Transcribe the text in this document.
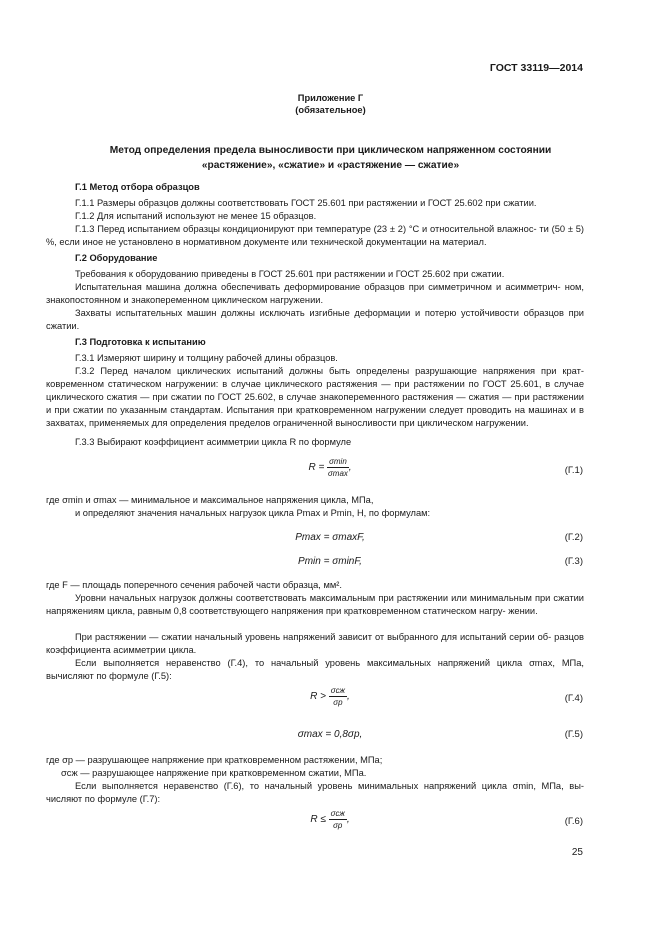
ГОСТ 33119—2014
Приложение Г
(обязательное)
Метод определения предела выносливости при циклическом напряженном состоянии
«растяжение», «сжатие» и «растяжение — сжатие»
Г.1 Метод отбора образцов
Г.1.1 Размеры образцов должны соответствовать ГОСТ 25.601 при растяжении и ГОСТ 25.602 при сжатии.
Г.1.2 Для испытаний используют не менее 15 образцов.
Г.1.3 Перед испытанием образцы кондиционируют при температуре (23 ± 2) °С и относительной влажнос- ти (50 ± 5) %, если иное не установлено в нормативном документе или технической документации на материал.
Г.2 Оборудование
Требования к оборудованию приведены в ГОСТ 25.601 при растяжении и ГОСТ 25.602 при сжатии.
Испытательная машина должна обеспечивать деформирование образцов при симметричном и асимметрич- ном, знакопостоянном и знакопеременном циклическом нагружении.
Захваты испытательных машин должны исключать изгибные деформации и потерю устойчивости образцов при сжатии.
Г.3 Подготовка к испытанию
Г.3.1 Измеряют ширину и толщину рабочей длины образцов.
Г.3.2 Перед началом циклических испытаний должны быть определены разрушающие напряжения при крат- ковременном статическом нагружении: в случае циклического растяжения — при растяжении по ГОСТ 25.601, в случае циклического сжатия — при сжатии по ГОСТ 25.602, в случае знакопеременного растяжения — сжатия — при растяжении и при сжатии по указанным стандартам. Испытания при кратковременном нагружении следует проводить на машинах и в захватах, применяемых для определения пределов ограниченной выносливости при циклическом нагружении.
Г.3.3 Выбирают коэффициент асимметрии цикла R по формуле
$R = \frac{\sigma\min}{\sigma\max}$ ,	(Г.1)
где σmin и σmax — минимальное и максимальное напряжения цикла, МПа,
и определяют значения начальных нагрузок цикла Pmax и Pmin, Н, по формулам:
Pmax = σmaxF,	(Г.2)
Pmin = σminF,	(Г.3)
где F — площадь поперечного сечения рабочей части образца, мм².
Уровни начальных нагрузок должны соответствовать максимальным при растяжении или минимальным при сжатии напряжениям цикла, равным 0,8 соответствующего напряжения при кратковременном статическом нагру- жении.
При растяжении — сжатии начальный уровень напряжений зависит от выбранного для испытаний серии об- разцов коэффициента асимметрии цикла.
Если выполняется неравенство (Г.4), то начальный уровень максимальных напряжений цикла σmax, МПа, вычисляют по формуле (Г.5):
$R > \frac{\text{σсж}}{\sigma р}$ ,	(Г.4)
σmax = 0,8σр,	(Г.5)
где σр — разрушающее напряжение при кратковременном растяжении, МПа;
σсж — разрушающее напряжение при кратковременном сжатии, МПа.
Если выполняется неравенство (Г.6), то начальный уровень минимальных напряжений цикла σmin, МПа, вы- числяют по формуле (Г.7):
$R \le \frac{\text{σсж}}{\sigma р}$ ,	(Г.6)
25
